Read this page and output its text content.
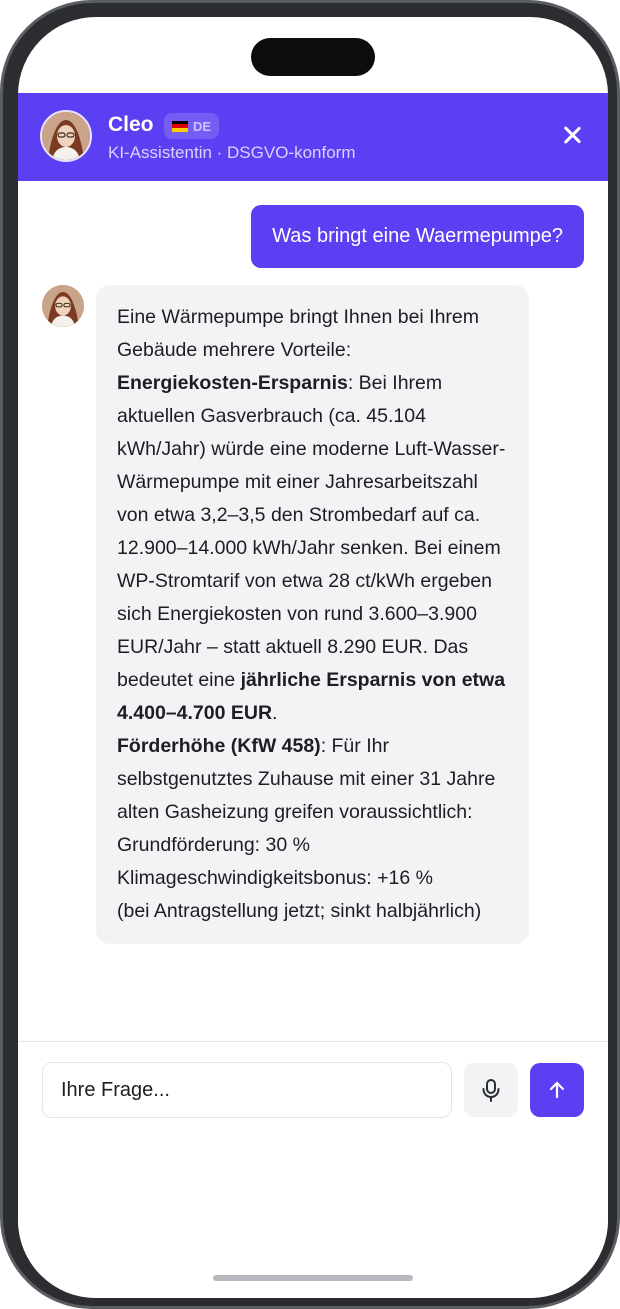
Cleo	DE
KI-Assistentin · DSGVO-konform
Was bringt eine Waermepumpe?
Eine Wärmepumpe bringt Ihnen bei Ihrem Gebäude mehrere Vorteile:
Energiekosten-Ersparnis: Bei Ihrem aktuellen Gasverbrauch (ca. 45.104 kWh/Jahr) würde eine moderne Luft-Wasser-Wärmepumpe mit einer Jahresarbeitszahl von etwa 3,2–3,5 den Strombedarf auf ca. 12.900–14.000 kWh/Jahr senken. Bei einem WP-Stromtarif von etwa 28 ct/kWh ergeben sich Energiekosten von rund 3.600–3.900 EUR/Jahr – statt aktuell 8.290 EUR. Das bedeutet eine jährliche Ersparnis von etwa 4.400–4.700 EUR.
Förderhöhe (KfW 458): Für Ihr selbstgenutztes Zuhause mit einer 31 Jahre alten Gasheizung greifen voraussichtlich:
Grundförderung: 30 %
Klimageschwindigkeitsbonus: +16 %
(bei Antragstellung jetzt; sinkt halbjährlich)
Ihre Frage...
